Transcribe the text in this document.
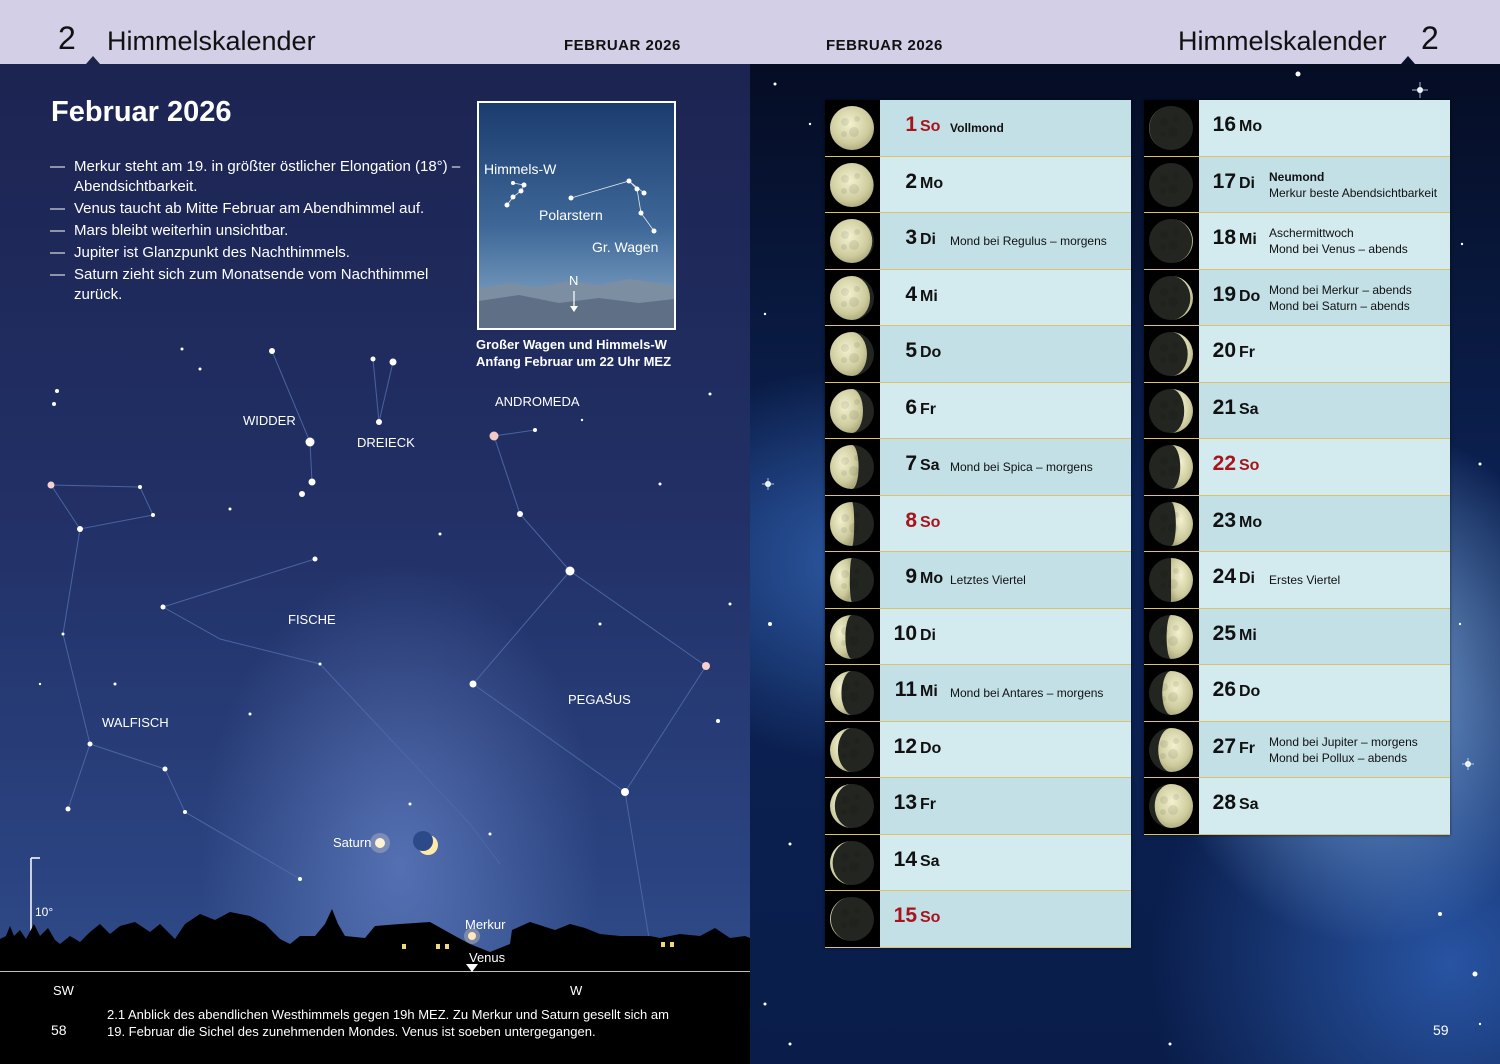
2 Himmelskalender	FEBRUAR 2026	FEBRUAR 2026	Himmelskalender 2
Februar 2026
— Merkur steht am 19. in größter östlicher Elongation (18°) – Abendsichtbarkeit.
— Venus taucht ab Mitte Februar am Abendhimmel auf.
— Mars bleibt weiterhin unsichtbar.
— Jupiter ist Glanzpunkt des Nachthimmels.
— Saturn zieht sich zum Monatsende vom Nachthimmel zurück.
Himmels-W
Polarstern
Gr. Wagen
N
Großer Wagen und Himmels-W
Anfang Februar um 22 Uhr MEZ
ANDROMEDA
WIDDER
DREIECK
FISCHE
PEGASUS
WALFISCH
Saturn
Merkur
Venus
10°
SW	W
2.1 Anblick des abendlichen Westhimmels gegen 19h MEZ. Zu Merkur und Saturn gesellt sich am
19. Februar die Sichel des zunehmenden Mondes. Venus ist soeben untergegangen.
58
1 So Vollmond
2 Mo
3 Di Mond bei Regulus – morgens
4 Mi
5 Do
6 Fr
7 Sa Mond bei Spica – morgens
8 So
9 Mo Letztes Viertel
10 Di
11 Mi Mond bei Antares – morgens
12 Do
13 Fr
14 Sa
15 So
16 Mo
17 Di Neumond
Merkur beste Abendsichtbarkeit
18 Mi Aschermittwoch
Mond bei Venus – abends
19 Do Mond bei Merkur – abends
Mond bei Saturn – abends
20 Fr
21 Sa
22 So
23 Mo
24 Di Erstes Viertel
25 Mi
26 Do
27 Fr Mond bei Jupiter – morgens
Mond bei Pollux – abends
28 Sa
59
